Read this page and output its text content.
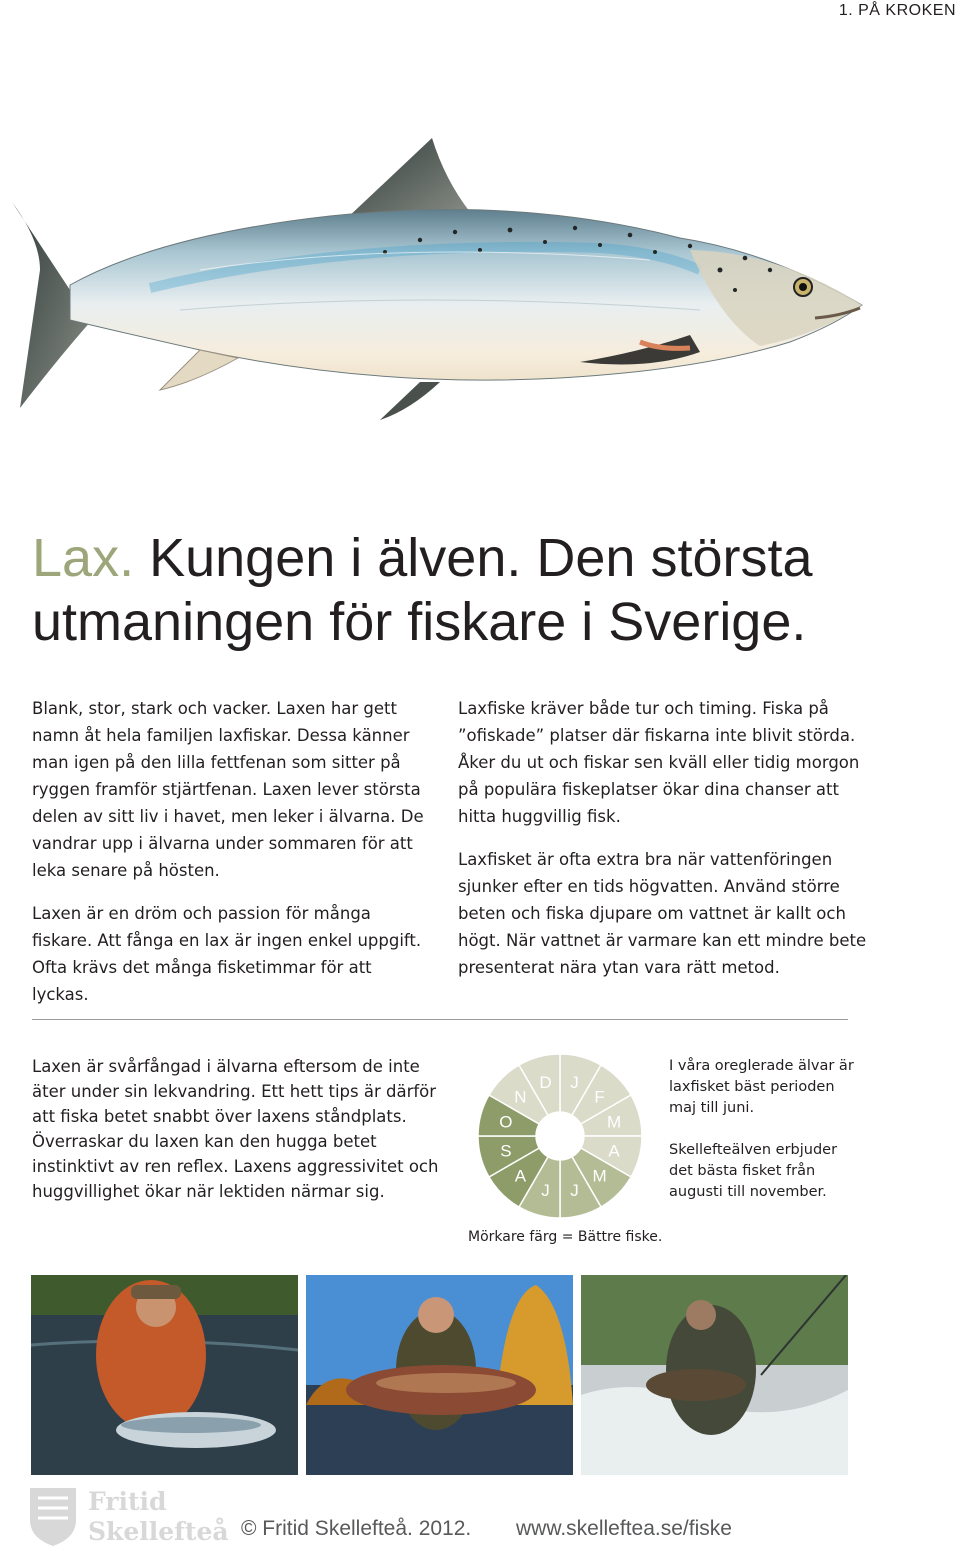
1. PÅ KROKEN
Lax. Kungen i älven. Den största
utmaningen för fiskare i Sverige.

Blank, stor, stark och vacker. Laxen har gett namn åt hela familjen laxfiskar. Dessa känner man igen på den lilla fettfenan som sitter på ryggen framför stjärtfenan. Laxen lever största delen av sitt liv i havet, men leker i älvarna. De vandrar upp i älvarna under sommaren för att leka senare på hösten.

Laxen är en dröm och passion för många fiskare. Att fånga en lax är ingen enkel uppgift. Ofta krävs det många fisketimmar för att lyckas.

Laxfiske kräver både tur och timing. Fiska på ”ofiskade” platser där fiskarna inte blivit störda. Åker du ut och fiskar sen kväll eller tidig morgon på populära fiskeplatser ökar dina chanser att hitta huggvillig fisk.

Laxfisket är ofta extra bra när vattenföringen sjunker efter en tids högvatten. Använd större beten och fiska djupare om vattnet är kallt och högt. När vattnet är varmare kan ett mindre bete presenterat nära ytan vara rätt metod.

Laxen är svårfångad i älvarna eftersom de inte äter under sin lekvandring. Ett hett tips är därför att fiska betet snabbt över laxens ståndplats. Överraskar du laxen kan den hugga betet instinktivt av ren reflex. Laxens aggressivitet och huggvillighet ökar när lektiden närmar sig.

J
F
M
A
M
J
J
A
S
O
N
D
Mörkare färg = Bättre fiske.

I våra oreglerade älvar är laxfisket bäst perioden maj till juni.

Skellefteälven erbjuder det bästa fisket från augusti till november.

Fritid
Skellefteå © Fritid Skellefteå. 2012. www.skelleftea.se/fiske
